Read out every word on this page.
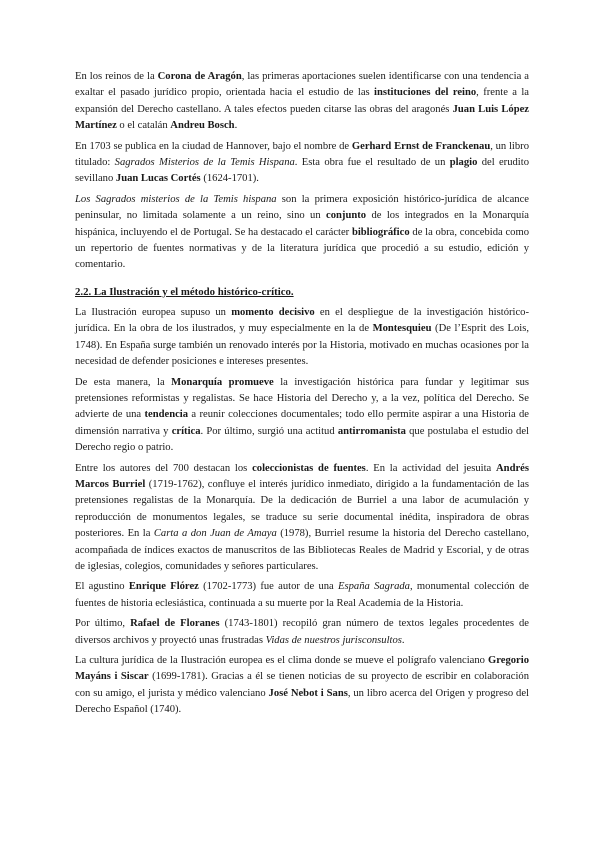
En los reinos de la Corona de Aragón, las primeras aportaciones suelen identificarse con una tendencia a exaltar el pasado jurídico propio, orientada hacia el estudio de las instituciones del reino, frente a la expansión del Derecho castellano. A tales efectos pueden citarse las obras del aragonés Juan Luis López Martínez o el catalán Andreu Bosch.

En 1703 se publica en la ciudad de Hannover, bajo el nombre de Gerhard Ernst de Franckenau, un libro titulado: Sagrados Misterios de la Temis Hispana. Esta obra fue el resultado de un plagio del erudito sevillano Juan Lucas Cortés (1624-1701).

Los Sagrados misterios de la Temis hispana son la primera exposición histórico-jurídica de alcance peninsular, no limitada solamente a un reino, sino un conjunto de los integrados en la Monarquía hispánica, incluyendo el de Portugal. Se ha destacado el carácter bibliográfico de la obra, concebida como un repertorio de fuentes normativas y de la literatura jurídica que procedió a su estudio, edición y comentario.

2.2. La Ilustración y el método histórico-crítico.

La Ilustración europea supuso un momento decisivo en el despliegue de la investigación histórico-jurídica. En la obra de los ilustrados, y muy especialmente en la de Montesquieu (De l’Esprit des Lois, 1748). En España surge también un renovado interés por la Historia, motivado en muchas ocasiones por la necesidad de defender posiciones e intereses presentes.

De esta manera, la Monarquía promueve la investigación histórica para fundar y legitimar sus pretensiones reformistas y regalistas. Se hace Historia del Derecho y, a la vez, política del Derecho. Se advierte de una tendencia a reunir colecciones documentales; todo ello permite aspirar a una Historia de dimensión narrativa y crítica. Por último, surgió una actitud antirromanista que postulaba el estudio del Derecho regio o patrio.

Entre los autores del 700 destacan los coleccionistas de fuentes. En la actividad del jesuita Andrés Marcos Burriel (1719-1762), confluye el interés jurídico inmediato, dirigido a la fundamentación de las pretensiones regalistas de la Monarquía. De la dedicación de Burriel a una labor de acumulación y reproducción de monumentos legales, se traduce su serie documental inédita, inspiradora de obras posteriores. En la Carta a don Juan de Amaya (1978), Burriel resume la historia del Derecho castellano, acompañada de índices exactos de manuscritos de las Bibliotecas Reales de Madrid y Escorial, y de otras de iglesias, colegios, comunidades y señores particulares.

El agustino Enrique Flórez (1702-1773) fue autor de una España Sagrada, monumental colección de fuentes de historia eclesiástica, continuada a su muerte por la Real Academia de la Historia.

Por último, Rafael de Floranes (1743-1801) recopiló gran número de textos legales procedentes de diversos archivos y proyectó unas frustradas Vidas de nuestros jurisconsultos.

La cultura jurídica de la Ilustración europea es el clima donde se mueve el polígrafo valenciano Gregorio Mayáns i Siscar (1699-1781). Gracias a él se tienen noticias de su proyecto de escribir en colaboración con su amigo, el jurista y médico valenciano José Nebot i Sans, un libro acerca del Origen y progreso del Derecho Español (1740).
